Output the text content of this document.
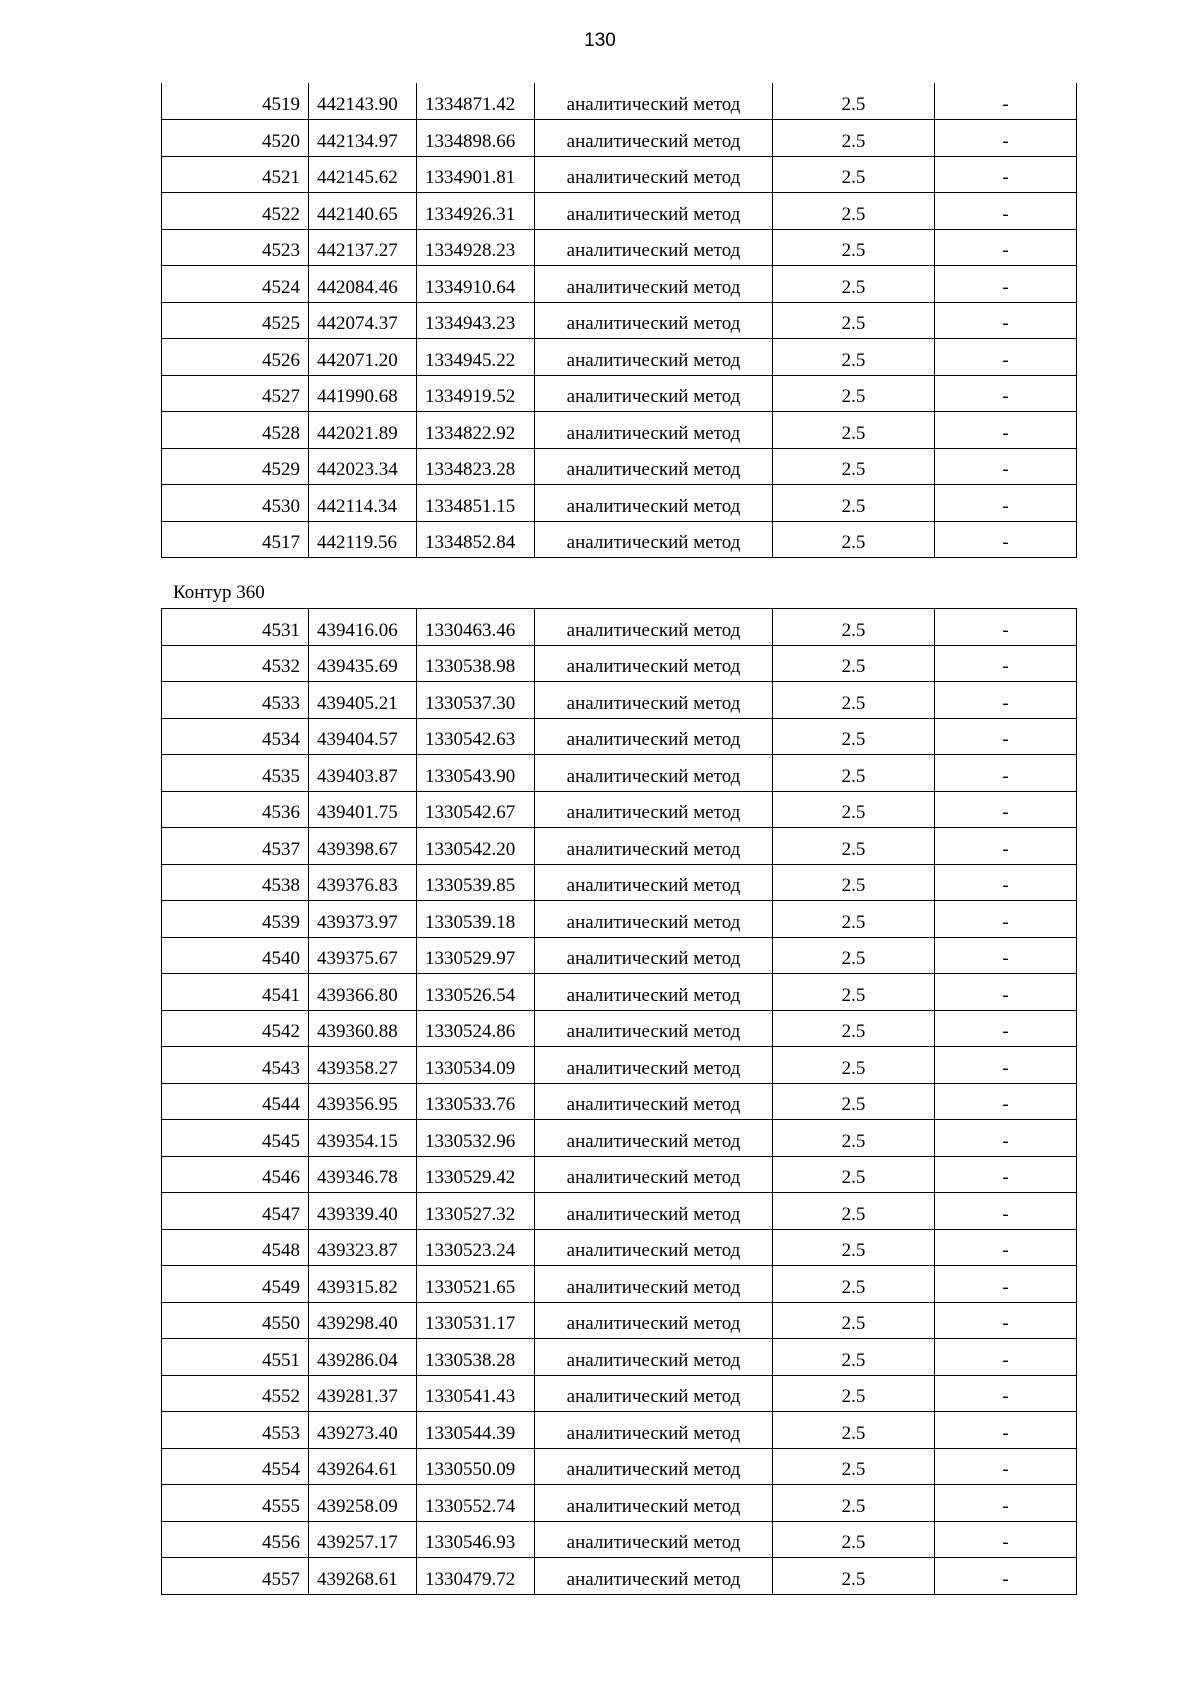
130
4519	442143.90	1334871.42	аналитический метод	2.5	-
4520	442134.97	1334898.66	аналитический метод	2.5	-
4521	442145.62	1334901.81	аналитический метод	2.5	-
4522	442140.65	1334926.31	аналитический метод	2.5	-
4523	442137.27	1334928.23	аналитический метод	2.5	-
4524	442084.46	1334910.64	аналитический метод	2.5	-
4525	442074.37	1334943.23	аналитический метод	2.5	-
4526	442071.20	1334945.22	аналитический метод	2.5	-
4527	441990.68	1334919.52	аналитический метод	2.5	-
4528	442021.89	1334822.92	аналитический метод	2.5	-
4529	442023.34	1334823.28	аналитический метод	2.5	-
4530	442114.34	1334851.15	аналитический метод	2.5	-
4517	442119.56	1334852.84	аналитический метод	2.5	-
Контур 360
4531	439416.06	1330463.46	аналитический метод	2.5	-
4532	439435.69	1330538.98	аналитический метод	2.5	-
4533	439405.21	1330537.30	аналитический метод	2.5	-
4534	439404.57	1330542.63	аналитический метод	2.5	-
4535	439403.87	1330543.90	аналитический метод	2.5	-
4536	439401.75	1330542.67	аналитический метод	2.5	-
4537	439398.67	1330542.20	аналитический метод	2.5	-
4538	439376.83	1330539.85	аналитический метод	2.5	-
4539	439373.97	1330539.18	аналитический метод	2.5	-
4540	439375.67	1330529.97	аналитический метод	2.5	-
4541	439366.80	1330526.54	аналитический метод	2.5	-
4542	439360.88	1330524.86	аналитический метод	2.5	-
4543	439358.27	1330534.09	аналитический метод	2.5	-
4544	439356.95	1330533.76	аналитический метод	2.5	-
4545	439354.15	1330532.96	аналитический метод	2.5	-
4546	439346.78	1330529.42	аналитический метод	2.5	-
4547	439339.40	1330527.32	аналитический метод	2.5	-
4548	439323.87	1330523.24	аналитический метод	2.5	-
4549	439315.82	1330521.65	аналитический метод	2.5	-
4550	439298.40	1330531.17	аналитический метод	2.5	-
4551	439286.04	1330538.28	аналитический метод	2.5	-
4552	439281.37	1330541.43	аналитический метод	2.5	-
4553	439273.40	1330544.39	аналитический метод	2.5	-
4554	439264.61	1330550.09	аналитический метод	2.5	-
4555	439258.09	1330552.74	аналитический метод	2.5	-
4556	439257.17	1330546.93	аналитический метод	2.5	-
4557	439268.61	1330479.72	аналитический метод	2.5	-
